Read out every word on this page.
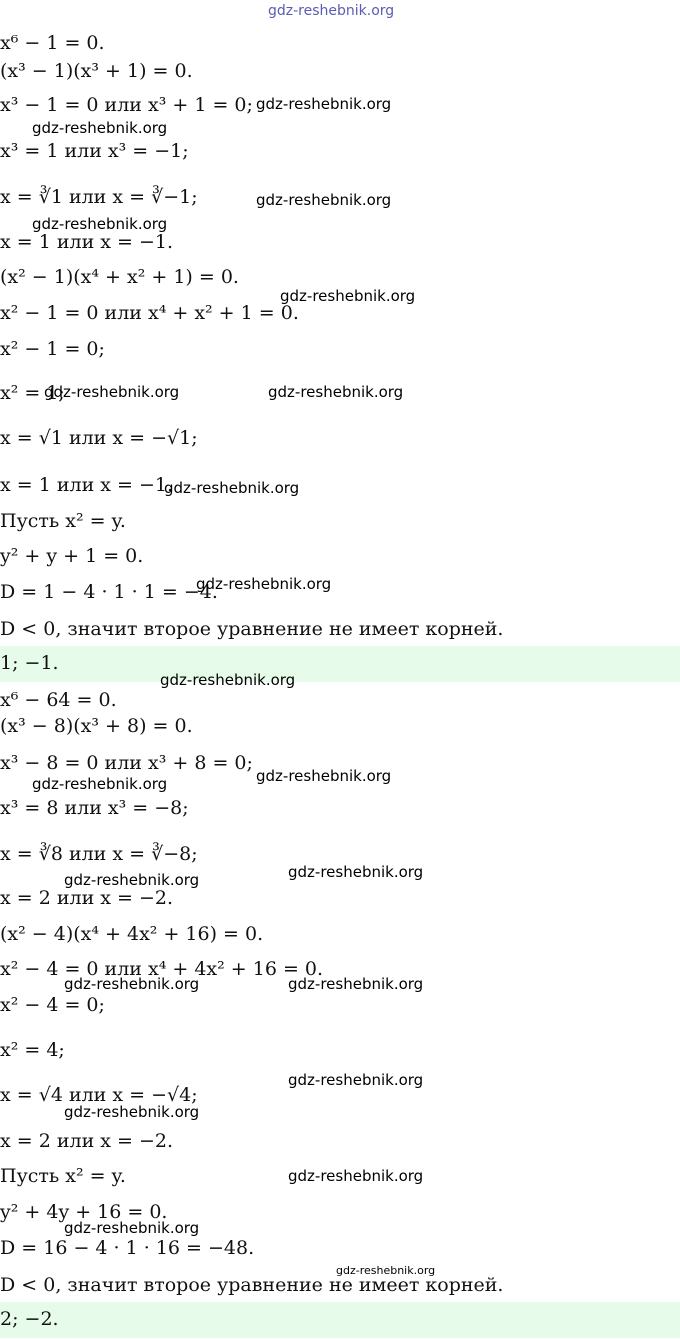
gdz-reshebnik.org
x⁶ − 1 = 0.
(x³ − 1)(x³ + 1) = 0.
x³ − 1 = 0 или x³ + 1 = 0;
x³ = 1 или x³ = −1;
x = ∛1 или x = ∛−1;
x = 1 или x = −1.
(x² − 1)(x⁴ + x² + 1) = 0.
x² − 1 = 0 или x⁴ + x² + 1 = 0.
x² − 1 = 0;
x² = 1;
x = √1 или x = −√1;
x = 1 или x = −1.
Пусть x² = y.
y² + y + 1 = 0.
D = 1 − 4 · 1 · 1 = −4.
D < 0, значит второе уравнение не имеет корней.
1; −1.
x⁶ − 64 = 0.
(x³ − 8)(x³ + 8) = 0.
x³ − 8 = 0 или x³ + 8 = 0;
x³ = 8 или x³ = −8;
x = ∛8 или x = ∛−8;
x = 2 или x = −2.
(x² − 4)(x⁴ + 4x² + 16) = 0.
x² − 4 = 0 или x⁴ + 4x² + 16 = 0.
x² − 4 = 0;
x² = 4;
x = √4 или x = −√4;
x = 2 или x = −2.
Пусть x² = y.
y² + 4y + 16 = 0.
D = 16 − 4 · 1 · 16 = −48.
D < 0, значит второе уравнение не имеет корней.
2; −2.
gdz-reshebnik.org
gdz-reshebnik.org
gdz-reshebnik.org
gdz-reshebnik.org
gdz-reshebnik.org
gdz-reshebnik.org	gdz-reshebnik.org
gdz-reshebnik.org
gdz-reshebnik.org
gdz-reshebnik.org
gdz-reshebnik.org
gdz-reshebnik.org
gdz-reshebnik.org
gdz-reshebnik.org
gdz-reshebnik.org	gdz-reshebnik.org
gdz-reshebnik.org
gdz-reshebnik.org
gdz-reshebnik.org
gdz-reshebnik.org
gdz-reshebnik.org
